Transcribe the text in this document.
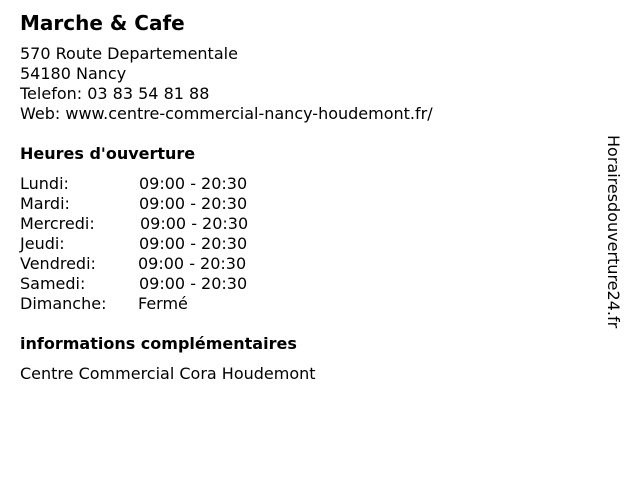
Marche & Cafe
570 Route Departementale
54180 Nancy
Telefon: 03 83 54 81 88
Web: www.centre-commercial-nancy-houdemont.fr/
Heures d'ouverture
Lundi:	09:00 - 20:30
Mardi:	09:00 - 20:30
Mercredi:	09:00 - 20:30
Jeudi:	09:00 - 20:30
Vendredi:	09:00 - 20:30
Samedi:	09:00 - 20:30
Dimanche: Fermé
informations complémentaires
Centre Commercial Cora Houdemont
Horairesdouverture24.fr
